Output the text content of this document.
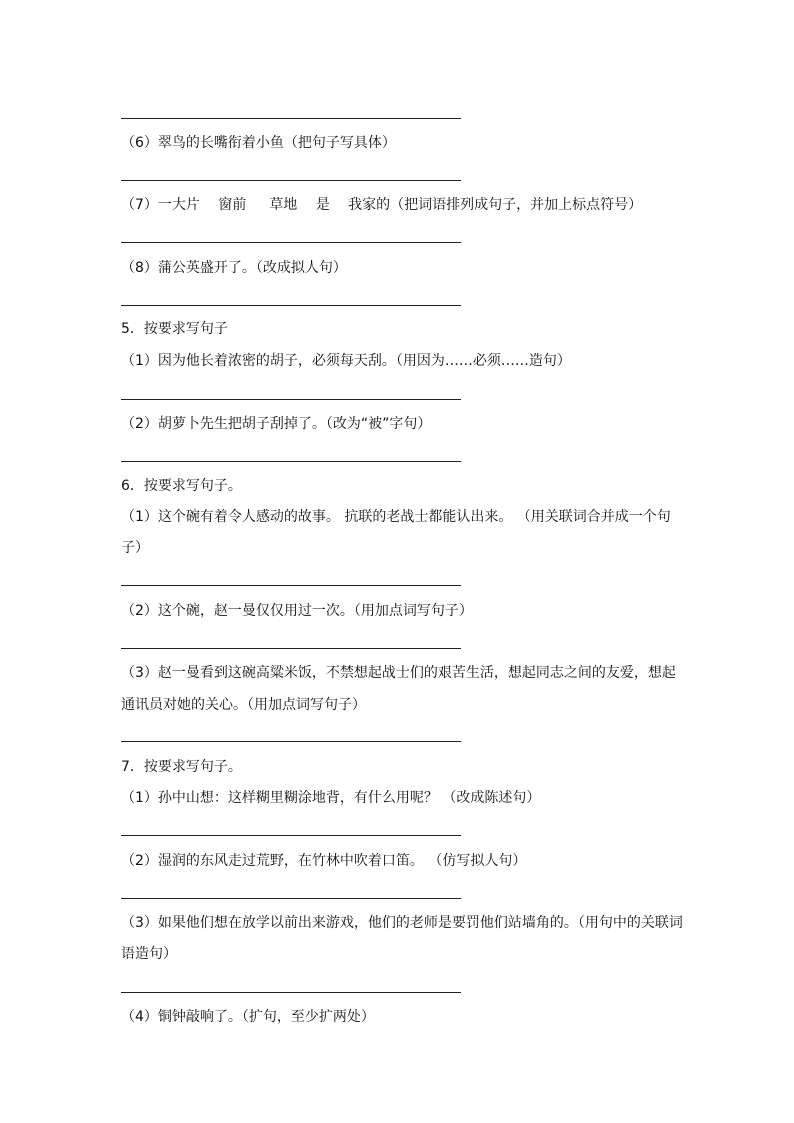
（6）翠鸟的长嘴衔着小鱼（把句子写具体）

（7）一大片　 窗前 　 草地 　是　 我家的（把词语排列成句子，并加上标点符号）

（8）蒲公英盛开了。（改成拟人句）

5．按要求写句子

（1）因为他长着浓密的胡子，必须每天刮。（用因为……必须……造句）

（2）胡萝卜先生把胡子刮掉了。（改为“被”字句）

6．按要求写句子。

（1）这个碗有着令人感动的故事。 抗联的老战士都能认出来。 （用关联词合并成一个句

子）

（2）这个碗，赵一曼仅仅用过一次。（用加点词写句子）

（3）赵一曼看到这碗高粱米饭，不禁想起战士们的艰苦生活，想起同志之间的友爱，想起

通讯员对她的关心。（用加点词写句子）

7．按要求写句子。

（1）孙中山想：这样糊里糊涂地背，有什么用呢？ （改成陈述句）

（2）湿润的东风走过荒野，在竹林中吹着口笛。 （仿写拟人句）

（3）如果他们想在放学以前出来游戏，他们的老师是要罚他们站墙角的。（用句中的关联词

语造句）

（4）铜钟敲响了。（扩句，至少扩两处）
